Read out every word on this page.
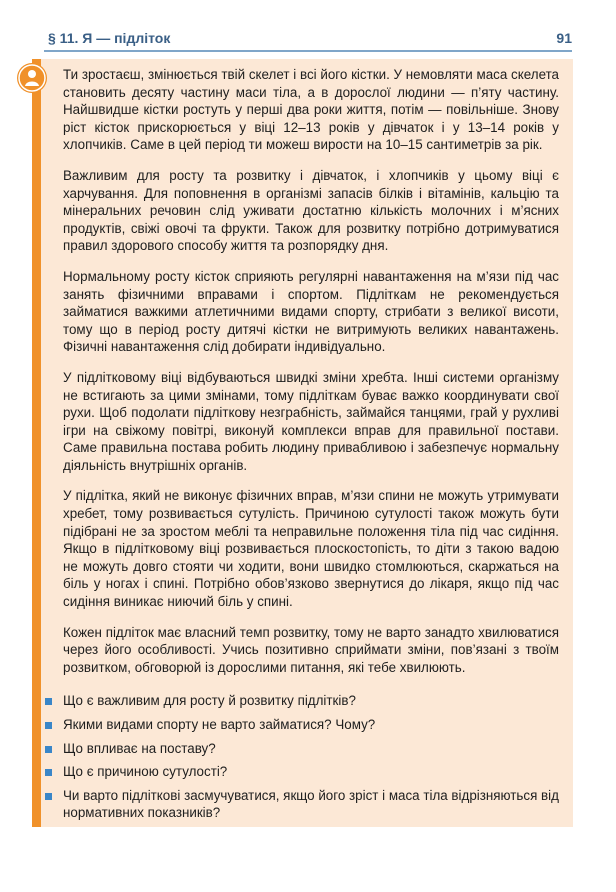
§ 11. Я — підліток	91

Ти зростаєш, змінюється твій скелет і всі його кістки. У немовляти маса скелета становить десяту частину маси тіла, а в дорослої людини — п’яту частину. Найшвидше кістки ростуть у перші два роки життя, потім — повільніше. Знову ріст кісток прискорюється у віці 12–13 років у дівчаток і у 13–14 років у хлопчиків. Саме в цей період ти можеш вирости на 10–15 сантиметрів за рік.

Важливим для росту та розвитку і дівчаток, і хлопчиків у цьому віці є харчування. Для поповнення в організмі запасів білків і вітамінів, кальцію та мінеральних речовин слід уживати достатню кількість молочних і м’ясних продуктів, свіжі овочі та фрукти. Також для розвитку потрібно дотримуватися правил здорового способу життя та розпорядку дня.

Нормальному росту кісток сприяють регулярні навантаження на м’язи під час занять фізичними вправами і спортом. Підліткам не рекомендується займатися важкими атлетичними видами спорту, стрибати з великої висоти, тому що в період росту дитячі кістки не витримують великих навантажень. Фізичні навантаження слід добирати індивідуально.

У підлітковому віці відбуваються швидкі зміни хребта. Інші системи організму не встигають за цими змінами, тому підліткам буває важко координувати свої рухи. Щоб подолати підліткову незграбність, займайся танцями, грай у рухливі ігри на свіжому повітрі, виконуй комплекси вправ для правильної постави. Саме правильна постава робить людину привабливою і забезпечує нормальну діяльність внутрішніх органів.

У підлітка, який не виконує фізичних вправ, м’язи спини не можуть утримувати хребет, тому розвивається сутулість. Причиною сутулості також можуть бути підібрані не за зростом меблі та неправильне положення тіла під час сидіння. Якщо в підлітковому віці розвивається плоскостопість, то діти з такою вадою не можуть довго стояти чи ходити, вони швидко стомлюються, скаржаться на біль у ногах і спині. Потрібно обов’язково звернутися до лікаря, якщо під час сидіння виникає ниючий біль у спині.

Кожен підліток має власний темп розвитку, тому не варто занадто хвилюватися через його особливості. Учись позитивно сприймати зміни, пов’язані з твоїм розвитком, обговорюй із дорослими питання, які тебе хвилюють.

Що є важливим для росту й розвитку підлітків?
Якими видами спорту не варто займатися? Чому?
Що впливає на поставу?
Що є причиною сутулості?
Чи варто підліткові засмучуватися, якщо його зріст і маса тіла відрізняються від нормативних показників?
